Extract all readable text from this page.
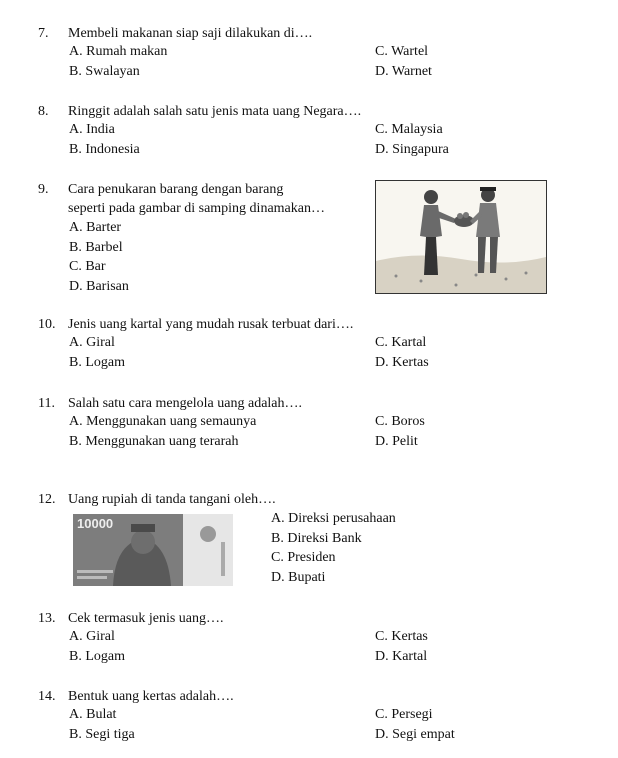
7. Membeli makanan siap saji dilakukan di….
A. Rumah makan	C. Wartel
B. Swalayan	D. Warnet
8. Ringgit adalah salah satu jenis mata uang Negara….
A. India	C. Malaysia
B. Indonesia	D. Singapura
9. Cara penukaran barang dengan barang
seperti pada gambar di samping dinamakan…
A. Barter
B. Barbel
C. Bar
D. Barisan
10. Jenis uang kartal yang mudah rusak terbuat dari….
A. Giral	C. Kartal
B. Logam	D. Kertas
11. Salah satu cara mengelola uang adalah….
A. Menggunakan uang semaunya	C. Boros
B. Menggunakan uang terarah	D. Pelit
12. Uang rupiah di tanda tangani oleh….
A. Direksi perusahaan
B. Direksi Bank
C. Presiden
D. Bupati
10000
13. Cek termasuk jenis uang….
A. Giral	C. Kertas
B. Logam	D. Kartal
14. Bentuk uang kertas adalah….
A. Bulat	C. Persegi
B. Segi tiga	D. Segi empat
